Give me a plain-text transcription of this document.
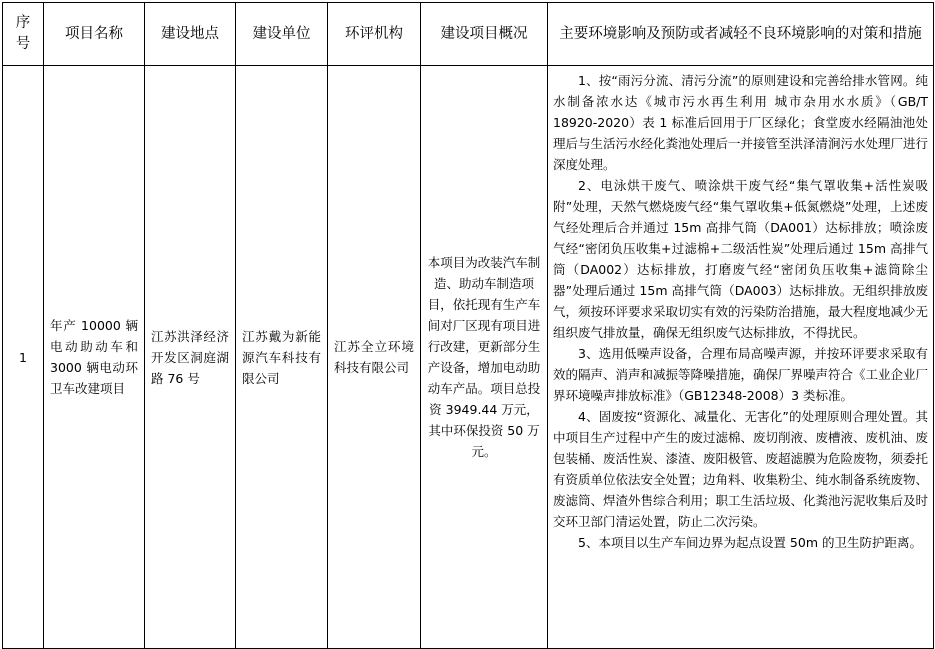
序号	项目名称	建设地点	建设单位	环评机构	建设项目概况	主要环境影响及预防或者减轻不良环境影响的对策和措施
1	年产 10000 辆电动助动车和 3000 辆电动环卫车改建项目	江苏洪泽经济开发区洞庭湖路 76 号	江苏戴为新能源汽车科技有限公司	江苏全立环境科技有限公司	本项目为改装汽车制造、助动车制造项目，依托现有生产车间对厂区现有项目进行改建，更新部分生产设备，增加电动助动车产品。项目总投资 3949.44 万元，其中环保投资 50 万元。	1、按“雨污分流、清污分流”的原则建设和完善给排水管网。纯水制备浓水达《城市污水再生利用 城市杂用水水质》（GB/T 18920-2020）表 1 标准后回用于厂区绿化；食堂废水经隔油池处理后与生活污水经化粪池处理后一并接管至洪泽清涧污水处理厂进行深度处理。

2、电泳烘干废气、喷涂烘干废气经“集气罩收集+活性炭吸附”处理，天然气燃烧废气经“集气罩收集+低氮燃烧”处理，上述废气经处理后合并通过 15m 高排气筒（DA001）达标排放；喷涂废气经“密闭负压收集+过滤棉+二级活性炭”处理后通过 15m 高排气筒（DA002）达标排放，打磨废气经“密闭负压收集+滤筒除尘器”处理后通过 15m 高排气筒（DA003）达标排放。无组织排放废气，须按环评要求采取切实有效的污染防治措施，最大程度地减少无组织废气排放量，确保无组织废气达标排放，不得扰民。

3、选用低噪声设备，合理布局高噪声源，并按环评要求采取有效的隔声、消声和减振等降噪措施，确保厂界噪声符合《工业企业厂界环境噪声排放标准》（GB12348-2008）3 类标准。

4、固废按“资源化、减量化、无害化”的处理原则合理处置。其中项目生产过程中产生的废过滤棉、废切削液、废槽液、废机油、废包装桶、废活性炭、漆渣、废阳极管、废超滤膜为危险废物，须委托有资质单位依法安全处置；边角料、收集粉尘、纯水制备系统废物、废滤筒、焊渣外售综合利用；职工生活垃圾、化粪池污泥收集后及时交环卫部门清运处置，防止二次污染。

5、本项目以生产车间边界为起点设置 50m 的卫生防护距离。
